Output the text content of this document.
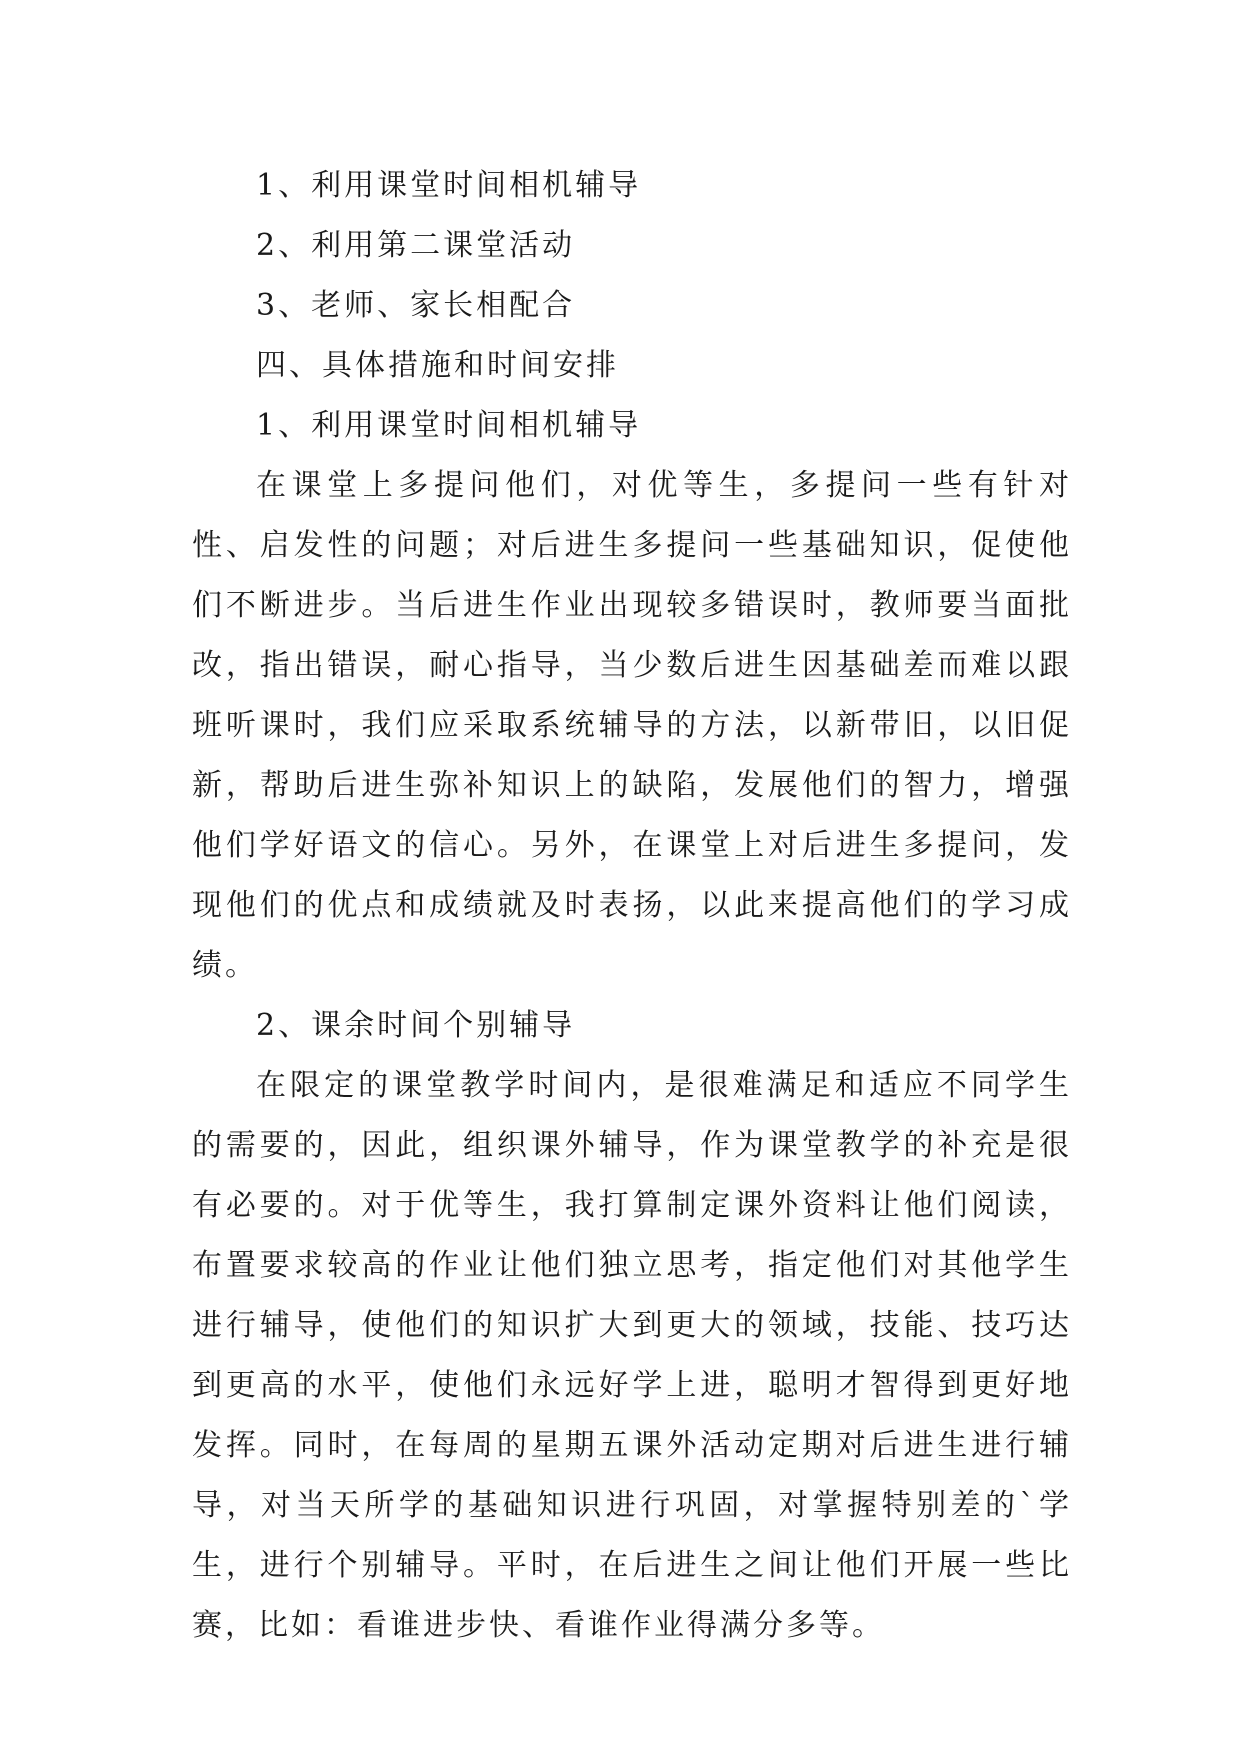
1、利用课堂时间相机辅导

2、利用第二课堂活动

3、老师、家长相配合

四、具体措施和时间安排

1、利用课堂时间相机辅导

在课堂上多提问他们，对优等生，多提问一些有针对性、启发性的问题；对后进生多提问一些基础知识，促使他们不断进步。当后进生作业出现较多错误时，教师要当面批改，指出错误，耐心指导，当少数后进生因基础差而难以跟班听课时，我们应采取系统辅导的方法，以新带旧，以旧促新，帮助后进生弥补知识上的缺陷，发展他们的智力，增强他们学好语文的信心。另外，在课堂上对后进生多提问，发现他们的优点和成绩就及时表扬，以此来提高他们的学习成绩。

2、课余时间个别辅导

在限定的课堂教学时间内，是很难满足和适应不同学生的需要的，因此，组织课外辅导，作为课堂教学的补充是很有必要的。对于优等生，我打算制定课外资料让他们阅读，布置要求较高的作业让他们独立思考，指定他们对其他学生进行辅导，使他们的知识扩大到更大的领域，技能、技巧达到更高的水平，使他们永远好学上进，聪明才智得到更好地发挥。同时，在每周的星期五课外活动定期对后进生进行辅导，对当天所学的基础知识进行巩固，对掌握特别差的`学生，进行个别辅导。平时，在后进生之间让他们开展一些比赛，比如：看谁进步快、看谁作业得满分多等。
